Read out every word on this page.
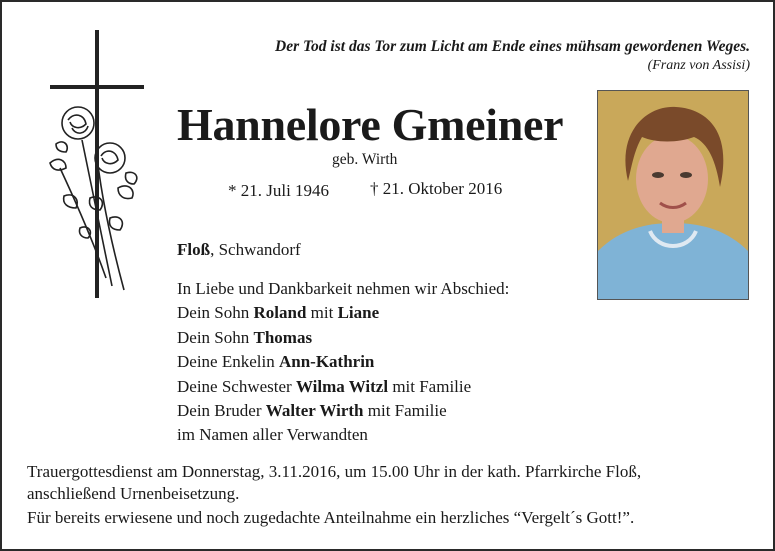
Der Tod ist das Tor zum Licht am Ende eines mühsam gewordenen Weges.
(Franz von Assisi)
Hannelore Gmeiner
geb. Wirth
* 21. Juli 1946 † 21. Oktober 2016
Floß, Schwandorf
In Liebe und Dankbarkeit nehmen wir Abschied:
Dein Sohn Roland mit Liane
Dein Sohn Thomas
Deine Enkelin Ann-Kathrin
Deine Schwester Wilma Witzl mit Familie
Dein Bruder Walter Wirth mit Familie
im Namen aller Verwandten
Trauergottesdienst am Donnerstag, 3.11.2016, um 15.00 Uhr in der kath. Pfarrkirche Floß,
anschließend Urnenbeisetzung.
Für bereits erwiesene und noch zugedachte Anteilnahme ein herzliches “Vergelt´s Gott!”.
